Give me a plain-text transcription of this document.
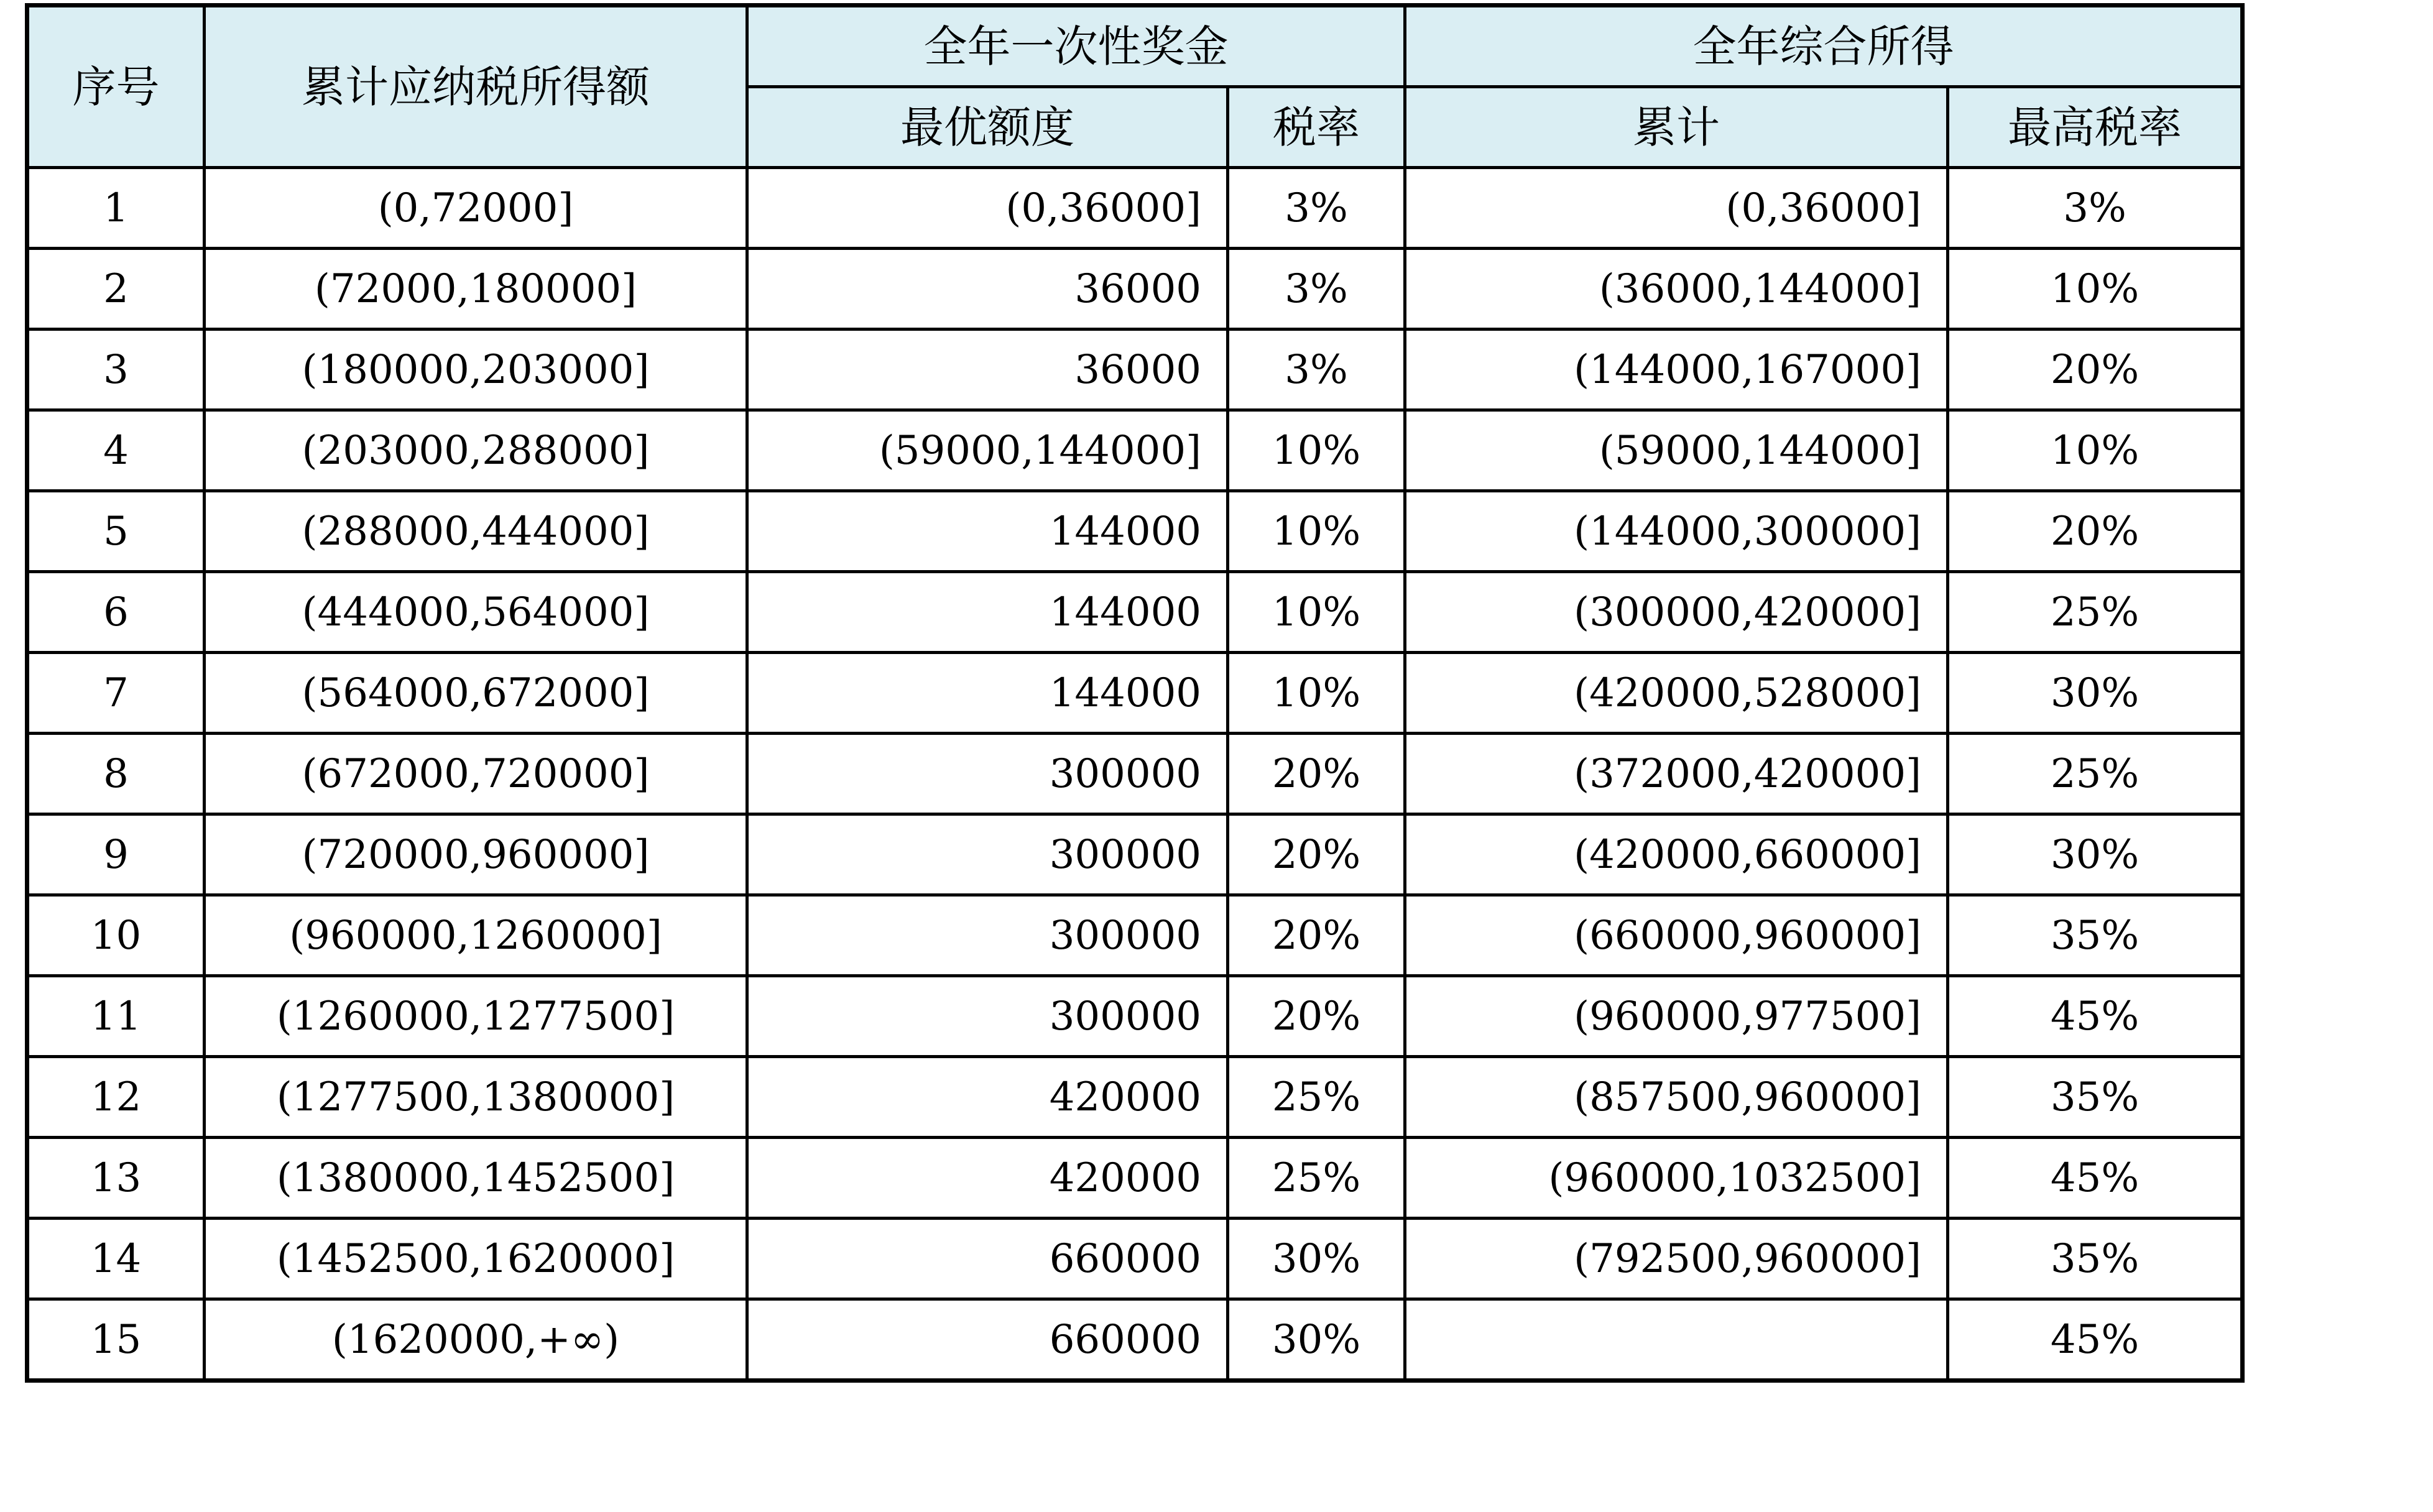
序号	累计应纳税所得额	全年一次性奖金		全年综合所得	
		最优额度	税率	累计	最高税率
1	(0,72000]	(0,36000]	3%	(0,36000]	3%
2	(72000,180000]	36000	3%	(36000,144000]	10%
3	(180000,203000]	36000	3%	(144000,167000]	20%
4	(203000,288000]	(59000,144000]	10%	(59000,144000]	10%
5	(288000,444000]	144000	10%	(144000,300000]	20%
6	(444000,564000]	144000	10%	(300000,420000]	25%
7	(564000,672000]	144000	10%	(420000,528000]	30%
8	(672000,720000]	300000	20%	(372000,420000]	25%
9	(720000,960000]	300000	20%	(420000,660000]	30%
10	(960000,1260000]	300000	20%	(660000,960000]	35%
11	(1260000,1277500]	300000	20%	(960000,977500]	45%
12	(1277500,1380000]	420000	25%	(857500,960000]	35%
13	(1380000,1452500]	420000	25%	(960000,1032500]	45%
14	(1452500,1620000]	660000	30%	(792500,960000]	35%
15	(1620000,+∞)	660000	30%		45%
